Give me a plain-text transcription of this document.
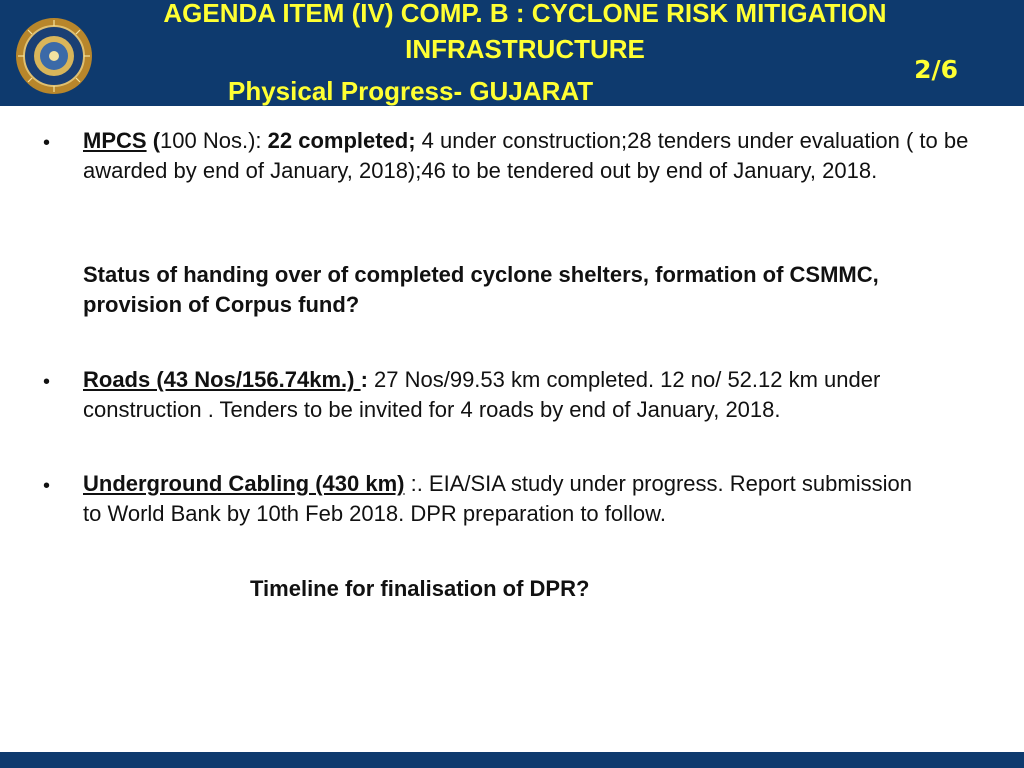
AGENDA ITEM (IV) COMP. B : CYCLONE RISK MITIGATION
INFRASTRUCTURE
Physical Progress- GUJARAT
2/6
• MPCS (100 Nos.): 22 completed; 4 under construction;28 tenders under evaluation ( to be awarded by end of January, 2018);46 to be tendered out by end of January, 2018.
Status of handing over of completed cyclone shelters, formation of CSMMC, provision of Corpus fund?
• Roads (43 Nos/156.74km.) : 27 Nos/99.53 km completed. 12 no/ 52.12 km under construction . Tenders to be invited for 4 roads by end of January, 2018.
• Underground Cabling (430 km) :. EIA/SIA study under progress. Report submission to World Bank by 10th Feb 2018. DPR preparation to follow.
Timeline for finalisation of DPR?
